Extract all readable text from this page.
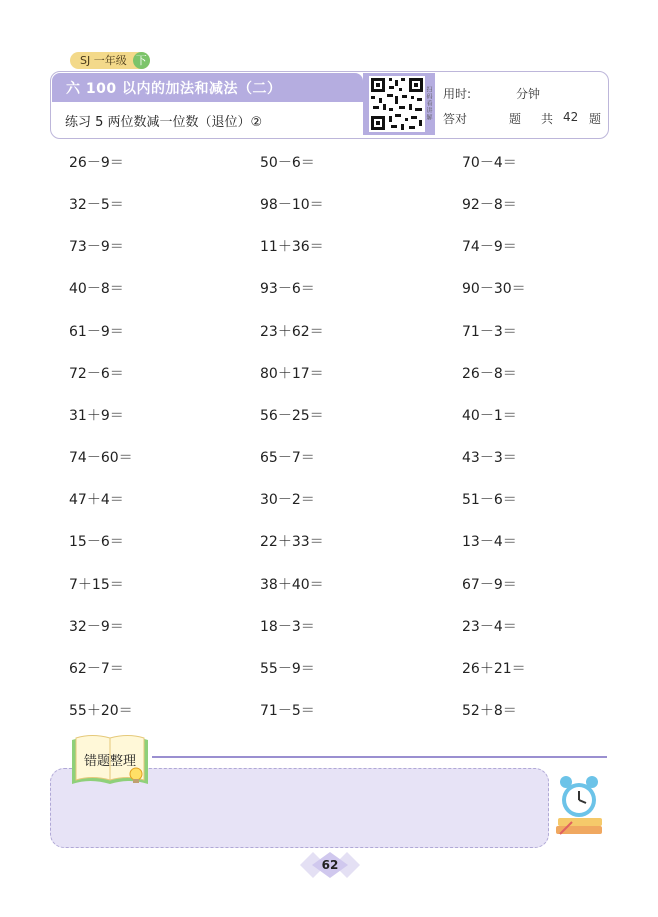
SJ 一年级 下
六 100 以内的加法和减法（二）
练习 5 两位数减一位数（退位）②
扫码看讲解 用时:	分钟
答对	题 共 42 题
26－9＝
32－5＝
73－9＝
40－8＝
61－9＝
72－6＝
31＋9＝
74－60＝
47＋4＝
15－6＝
7＋15＝
32－9＝
62－7＝
55＋20＝
50－6＝
98－10＝
11＋36＝
93－6＝
23＋62＝
80＋17＝
56－25＝
65－7＝
30－2＝
22＋33＝
38＋40＝
18－3＝
55－9＝
71－5＝
70－4＝
92－8＝
74－9＝
90－30＝
71－3＝
26－8＝
40－1＝
43－3＝
51－6＝
13－4＝
67－9＝
23－4＝
26＋21＝
52＋8＝
错题整理
62
